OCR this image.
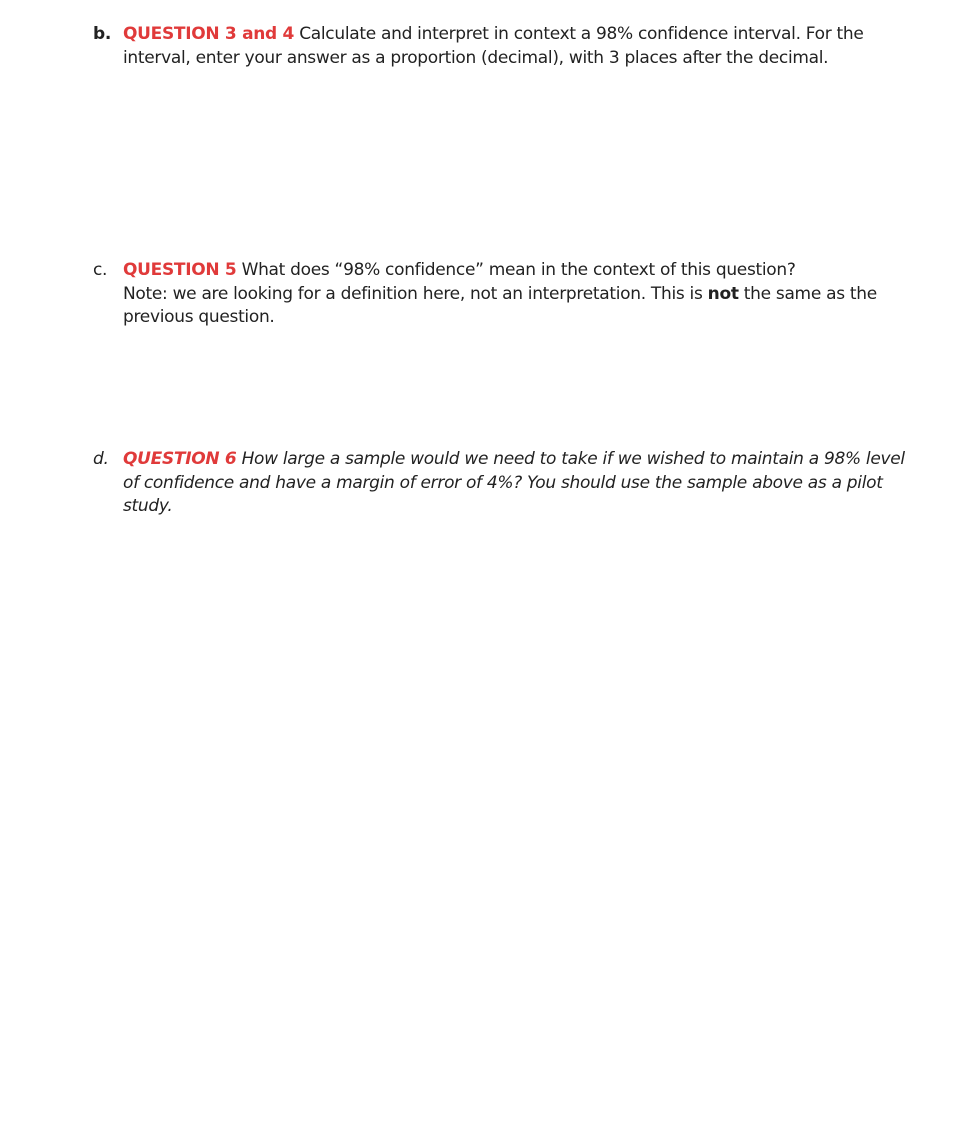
b. QUESTION 3 and 4 Calculate and interpret in context a 98% confidence interval. For the interval, enter your answer as a proportion (decimal), with 3 places after the decimal.
c. QUESTION 5 What does “98% confidence” mean in the context of this question?
Note: we are looking for a definition here, not an interpretation. This is not the same as the previous question.
d. QUESTION 6 How large a sample would we need to take if we wished to maintain a 98% level of confidence and have a margin of error of 4%? You should use the sample above as a pilot study.
